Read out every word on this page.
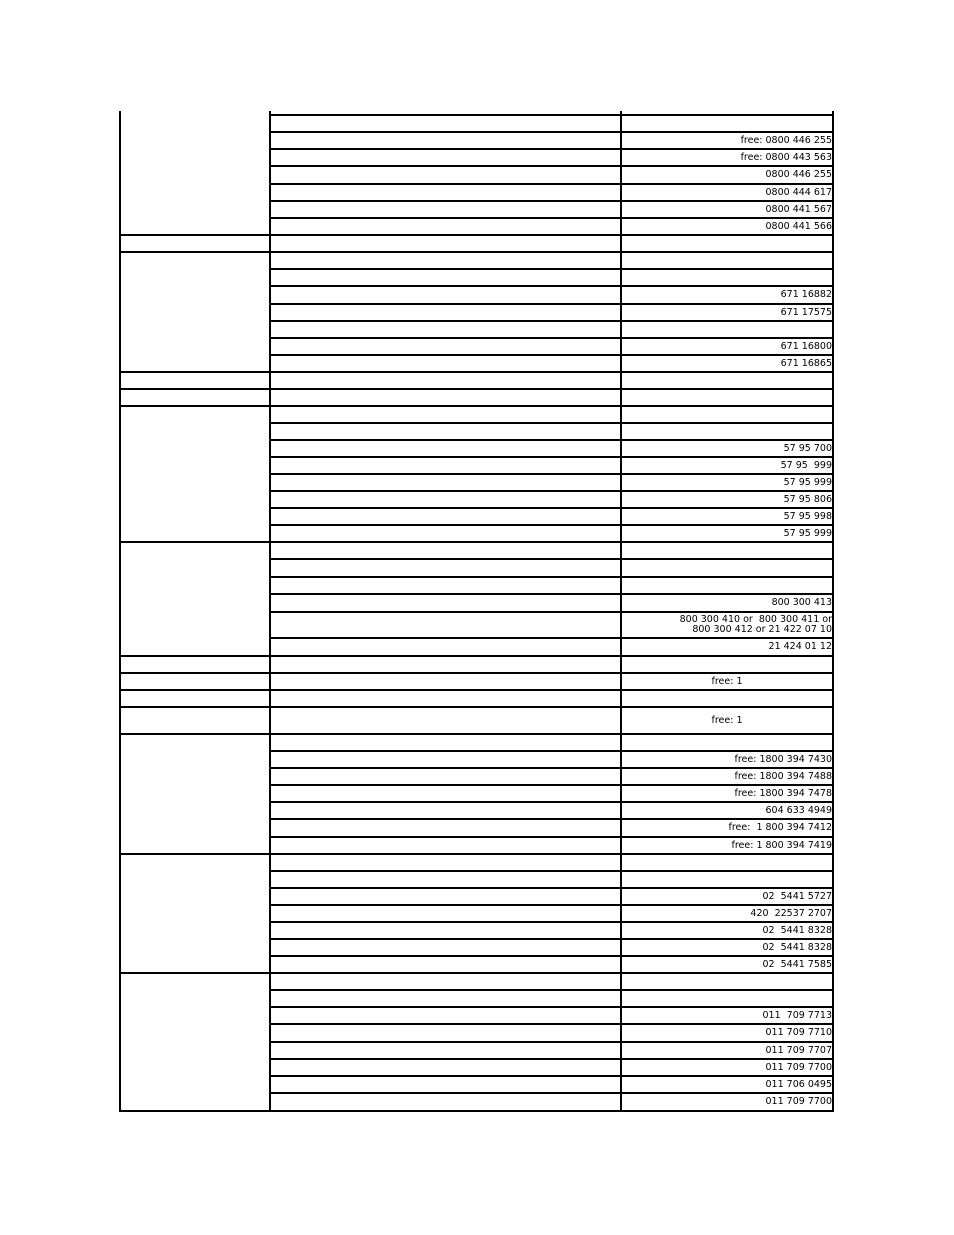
free: 0800 446 255
free: 0800 443 563
0800 446 255
0800 444 617
0800 441 567
0800 441 566
671 16882
671 17575
671 16800
671 16865
57 95 700
57 95  999
57 95 999
57 95 806
57 95 998
57 95 999
800 300 413
800 300 410 or  800 300 411 or
800 300 412 or 21 422 07 10
21 424 01 12
free: 1
free: 1
free: 1800 394 7430
free: 1800 394 7488
free: 1800 394 7478
604 633 4949
free:  1 800 394 7412
free: 1 800 394 7419
02  5441 5727
420  22537 2707
02  5441 8328
02  5441 8328
02  5441 7585
011  709 7713
011 709 7710
011 709 7707
011 709 7700
011 706 0495
011 709 7700
